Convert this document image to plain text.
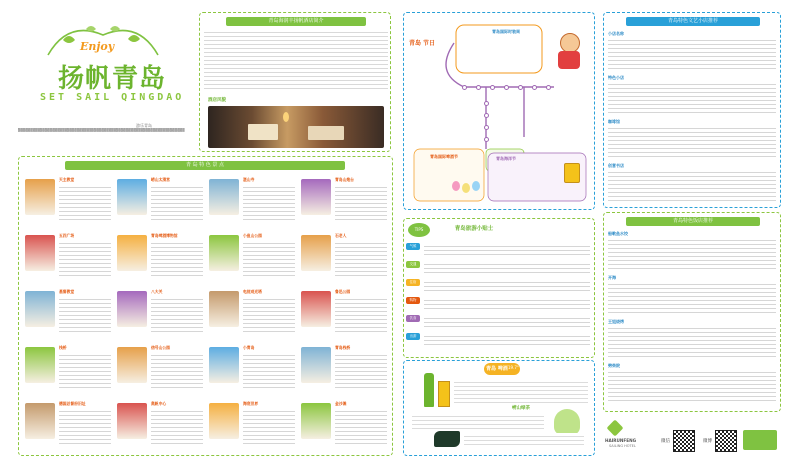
Enjoy
扬帆青岛
SET SAIL QINGDAO
游乐青岛
▒▒▒▒▒▒▒▒▒▒▒▒▒▒▒▒▒▒▒▒▒▒▒▒▒▒▒▒▒▒▒▒▒▒▒▒▒▒▒▒▒▒▒▒▒▒▒▒▒▒▒▒▒▒▒▒▒▒▒▒▒▒▒▒▒▒▒▒
青岛海润丰扬帆酒店简介
酒店风貌
青 岛 特 色 景 点
天主教堂
五四广场
基督教堂
栈桥
德国总督府旧址
崂山太清宫
青岛啤酒博物馆
八大关
信号山公园
奥帆中心
湛山寺
小鱼山公园
电视观光塔
小青岛
海底世界
青岛山炮台
石老人
鲁迅公园
青岛栈桥
金沙滩
青岛 节日
青岛国际啤酒节	青岛海洋节
青岛国际时装周
TIPS	青岛旅游小贴士
气候
交通
住宿
购物
饮食
出游
青岛 啤酒 19.7°
崂山绿茶
青岛特色文艺小店推荐
小店名称
特色小店
咖啡馆
创意书店
青岛特色饭店推荐
船歌鱼水饺
开海
王姐烧烤
劈柴院
HAIRUNFENG
SAILING HOTEL
微信	微博
